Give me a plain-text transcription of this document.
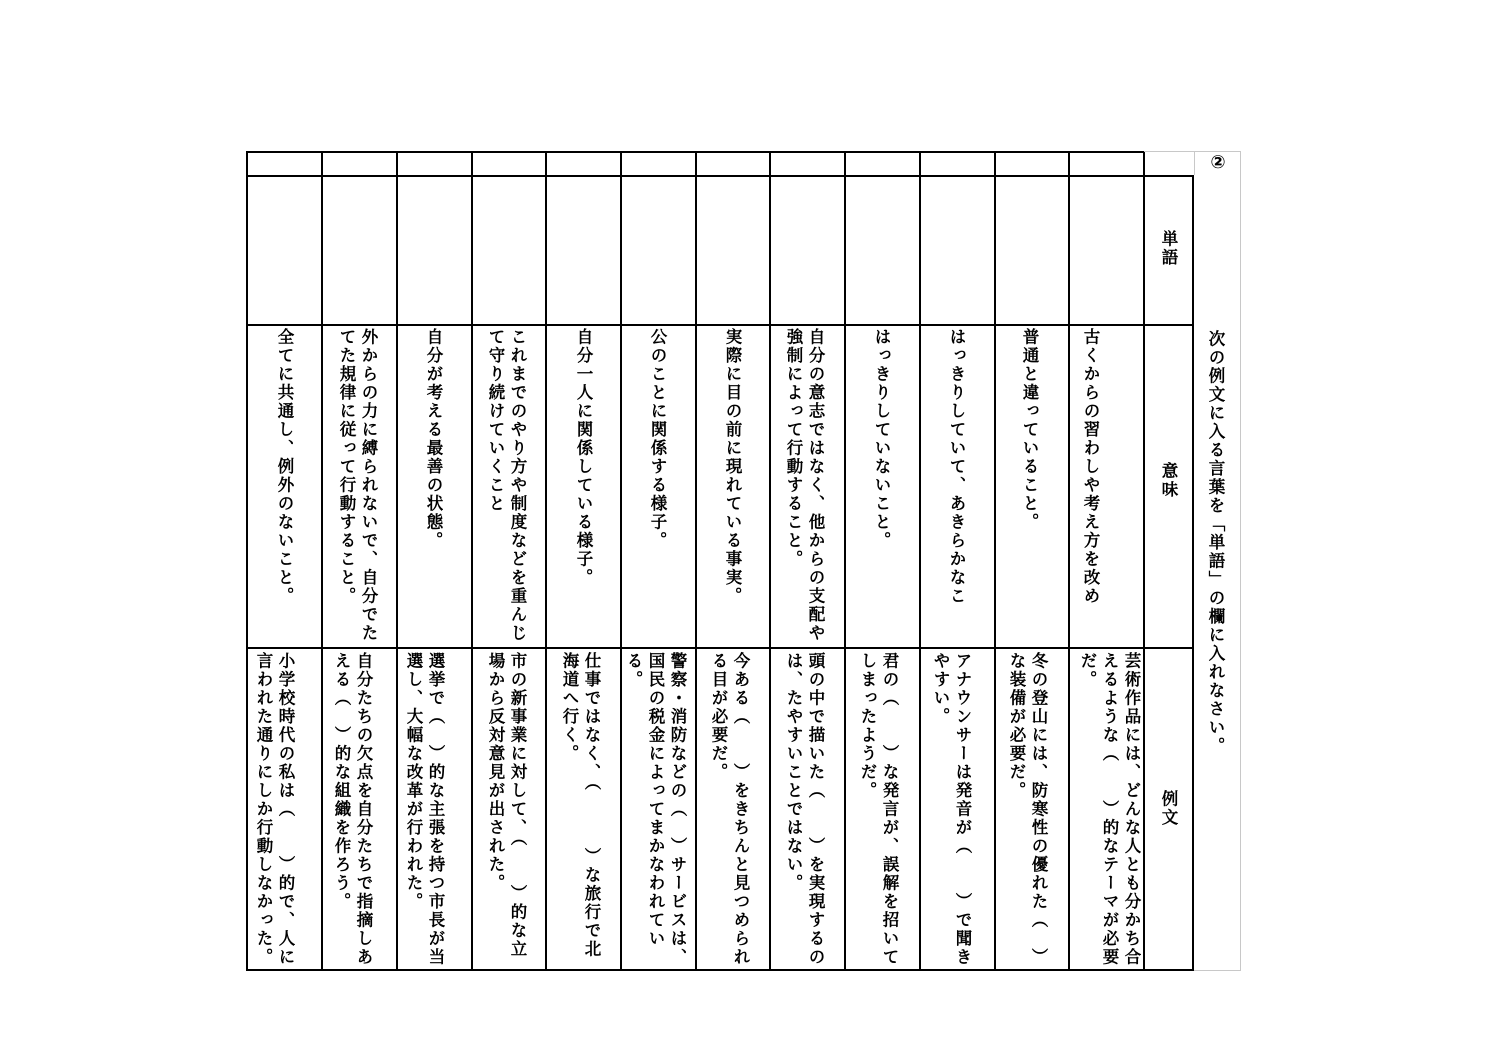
②
次の例文に入る言葉を「単語」の欄に入れなさい。
単語
意味
例文
古くからの習わしや考え方を改め
普通と違っていること。
はっきりしていて、あきらかなこ
はっきりしていないこと。
自分の意志ではなく、他からの支配や強制によって行動すること。
実際に目の前に現れている事実。
公のことに関係する様子。
自分一人に関係している様子。
これまでのやり方や制度などを重んじて守り続けていくこと
自分が考える最善の状態。
外からの力に縛られないで、自分でたてた規律に従って行動すること。
全てに共通し、例外のないこと。
芸術作品には、どんな人とも分かち合えるような（　　）的なテーマが必要だ。
冬の登山には、防寒性の優れた（　）な装備が必要だ。
アナウンサーは発音が（　　）で聞きやすい。
君の（　　）な発言が、誤解を招いてしまったようだ。
頭の中で描いた（　　）を実現するのは、たやすいことではない。
今ある（　　）をきちんと見つめられる目が必要だ。
警察・消防などの（　）サービスは、国民の税金によってまかなわれている。
仕事ではなく、（　　　）な旅行で北海道へ行く。
市の新事業に対して、（　　）的な立場から反対意見が出された。
選挙で（　）的な主張を持つ市長が当選し、大幅な改革が行われた。
自分たちの欠点を自分たちで指摘しあえる（　）的な組織を作ろう。
小学校時代の私は（　　）的で、人に言われた通りにしか行動しなかった。
